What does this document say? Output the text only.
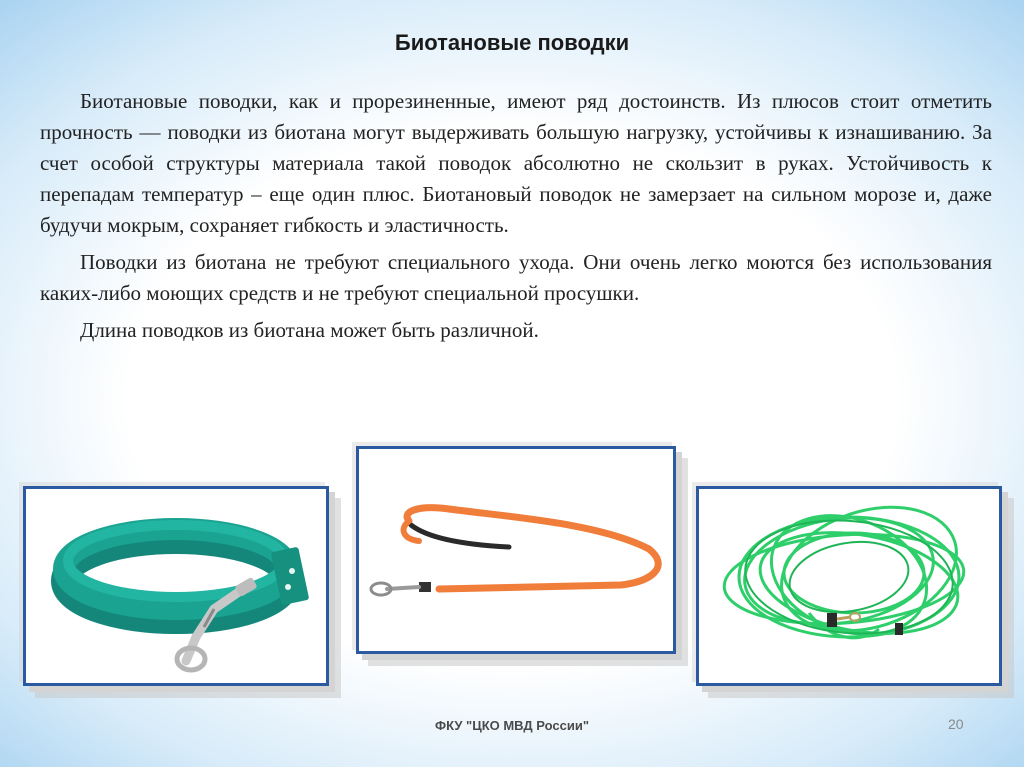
Биотановые поводки

Биотановые поводки, как и прорезиненные, имеют ряд достоинств. Из плюсов стоит отметить прочность — поводки из биотана могут выдерживать большую нагрузку, устойчивы к изнашиванию. За счет особой структуры материала такой поводок абсолютно не скользит в руках. Устойчивость к перепадам температур – еще один плюс. Биотановый поводок не замерзает на сильном морозе и, даже будучи мокрым, сохраняет гибкость и эластичность.

Поводки из биотана не требуют специального ухода. Они очень легко моются без использования каких-либо моющих средств и не требуют специальной просушки.

Длина поводков из биотана может быть различной.

ФКУ "ЦКО МВД России"	20
